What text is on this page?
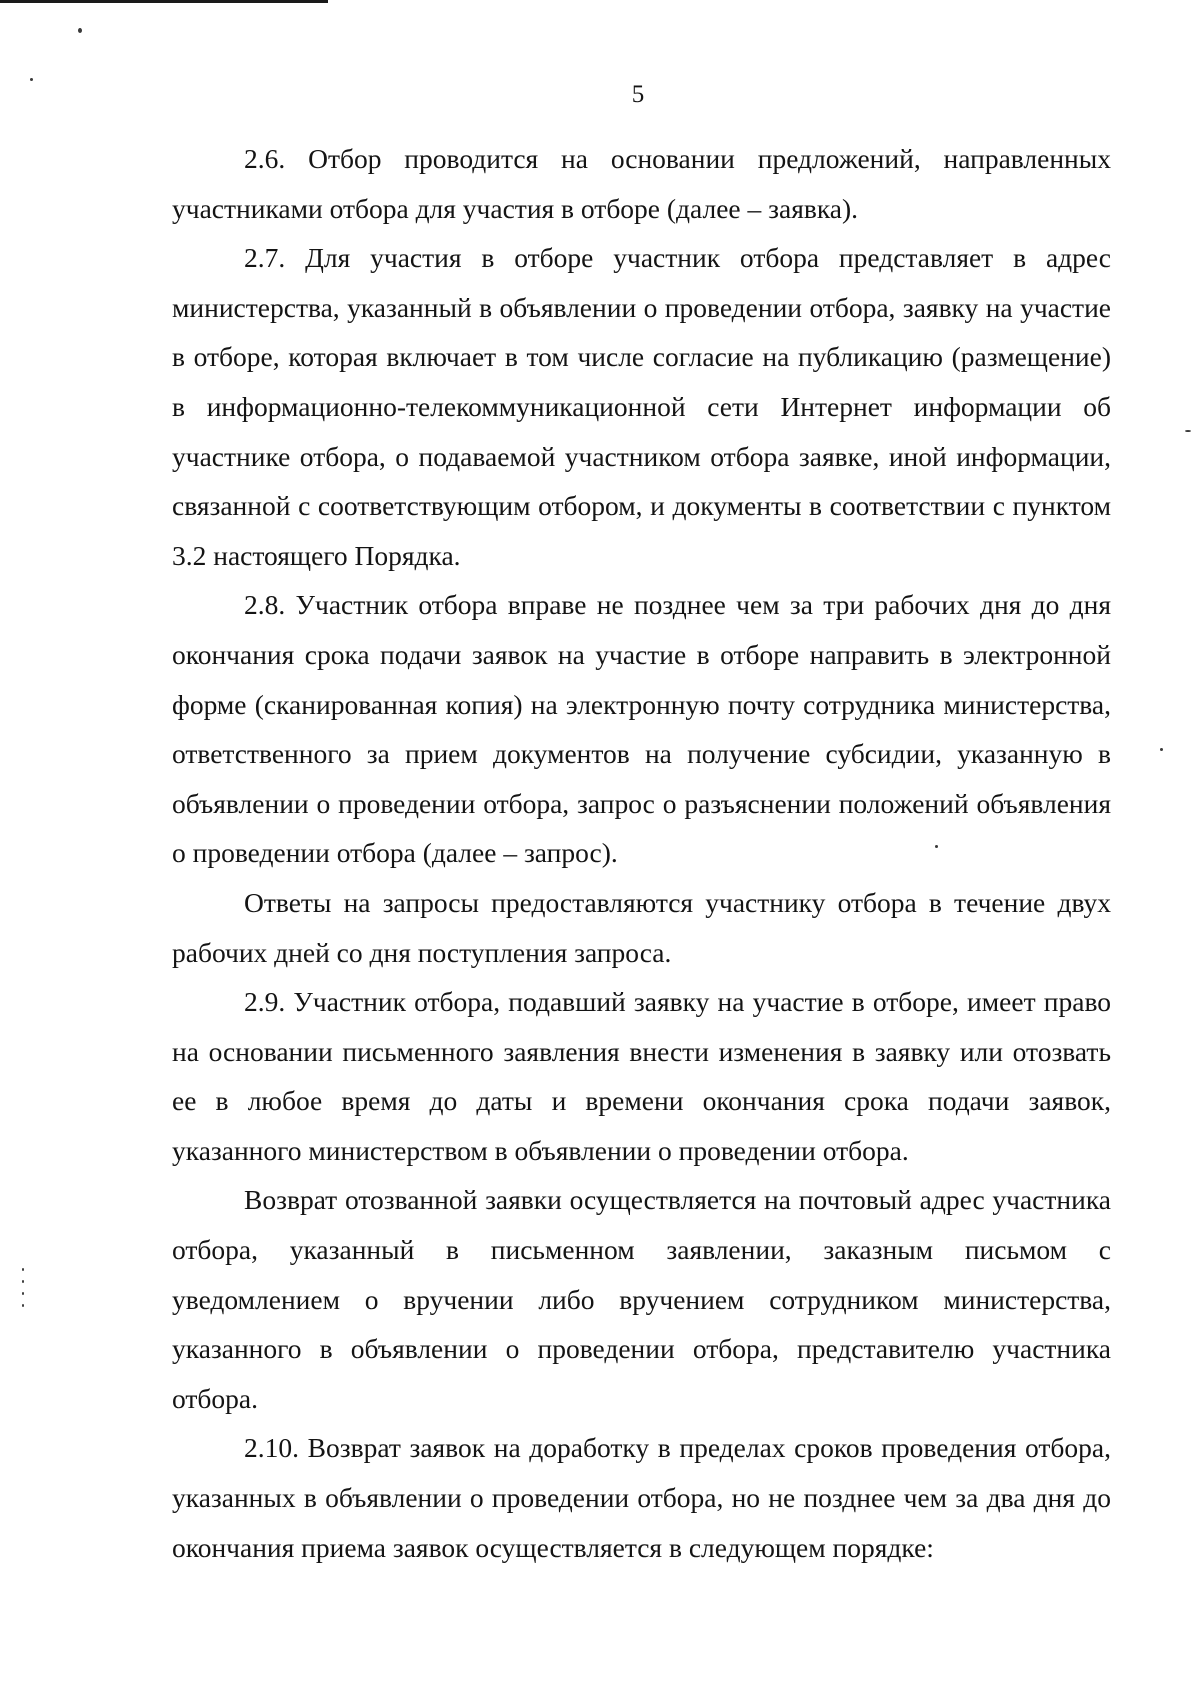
5

2.6. Отбор проводится на основании предложений, направленных участниками отбора для участия в отборе (далее – заявка).

2.7. Для участия в отборе участник отбора представляет в адрес министерства, указанный в объявлении о проведении отбора, заявку на участие в отборе, которая включает в том числе согласие на публикацию (размещение) в информационно-телекоммуникационной сети Интернет информации об участнике отбора, о подаваемой участником отбора заявке, иной информации, связанной с соответствующим отбором, и документы в соответствии с пунктом 3.2 настоящего Порядка.

2.8. Участник отбора вправе не позднее чем за три рабочих дня до дня окончания срока подачи заявок на участие в отборе направить в электронной форме (сканированная копия) на электронную почту сотрудника министерства, ответственного за прием документов на получение субсидии, указанную в объявлении о проведении отбора, запрос о разъяснении положений объявления о проведении отбора (далее – запрос).

Ответы на запросы предоставляются участнику отбора в течение двух рабочих дней со дня поступления запроса.

2.9. Участник отбора, подавший заявку на участие в отборе, имеет право на основании письменного заявления внести изменения в заявку или отозвать ее в любое время до даты и времени окончания срока подачи заявок, указанного министерством в объявлении о проведении отбора.

Возврат отозванной заявки осуществляется на почтовый адрес участника отбора, указанный в письменном заявлении, заказным письмом с уведомлением о вручении либо вручением сотрудником министерства, указанного в объявлении о проведении отбора, представителю участника отбора.

2.10. Возврат заявок на доработку в пределах сроков проведения отбора, указанных в объявлении о проведении отбора, но не позднее чем за два дня до окончания приема заявок осуществляется в следующем порядке:
